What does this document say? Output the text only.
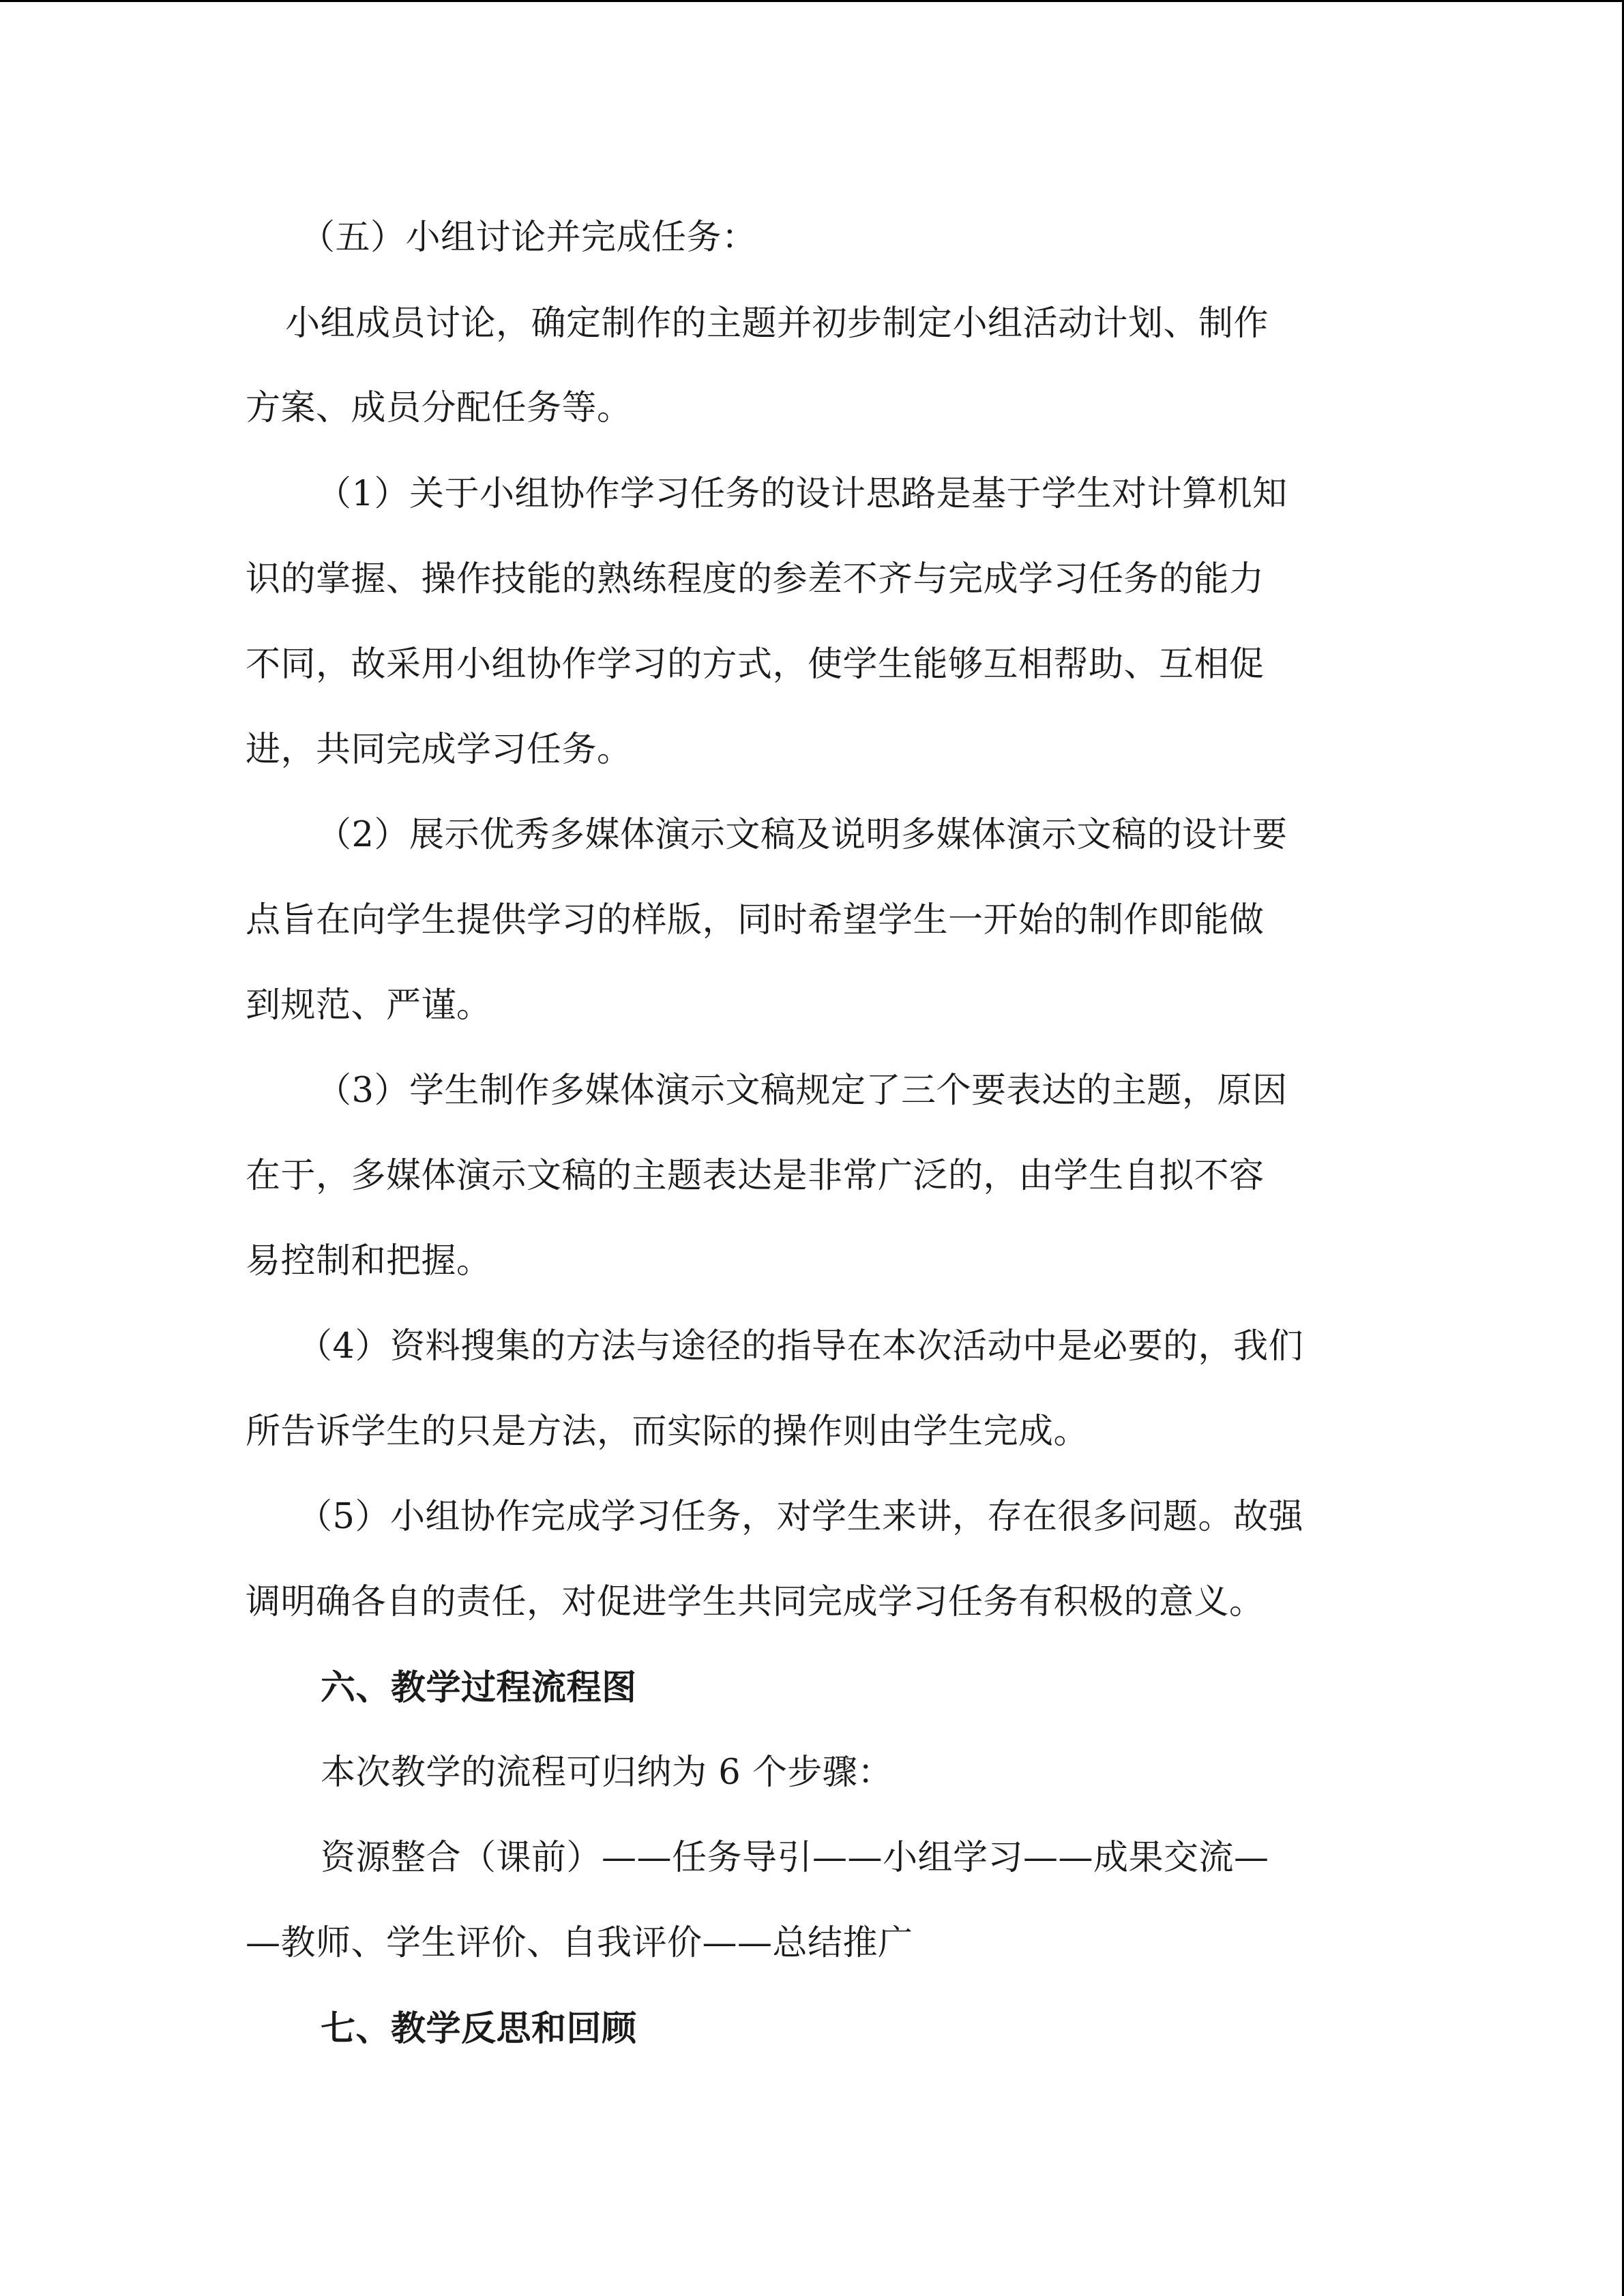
（五）小组讨论并完成任务：
小组成员讨论，确定制作的主题并初步制定小组活动计划、制作
方案、成员分配任务等。
（1）关于小组协作学习任务的设计思路是基于学生对计算机知
识的掌握、操作技能的熟练程度的参差不齐与完成学习任务的能力
不同，故采用小组协作学习的方式，使学生能够互相帮助、互相促
进，共同完成学习任务。
（2）展示优秀多媒体演示文稿及说明多媒体演示文稿的设计要
点旨在向学生提供学习的样版，同时希望学生一开始的制作即能做
到规范、严谨。
（3）学生制作多媒体演示文稿规定了三个要表达的主题，原因
在于，多媒体演示文稿的主题表达是非常广泛的，由学生自拟不容
易控制和把握。
（4）资料搜集的方法与途径的指导在本次活动中是必要的，我们
所告诉学生的只是方法，而实际的操作则由学生完成。
（5）小组协作完成学习任务，对学生来讲，存在很多问题。故强
调明确各自的责任，对促进学生共同完成学习任务有积极的意义。
六、教学过程流程图
本次教学的流程可归纳为 6 个步骤：
资源整合（课前）——任务导引——小组学习——成果交流—
—教师、学生评价、自我评价——总结推广
七、教学反思和回顾
